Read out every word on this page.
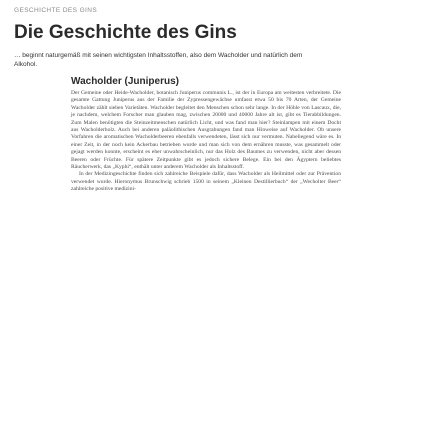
GESCHICHTE DES GINS
Die Geschichte des Gins

… beginnt naturgemäß mit seinen wichtigsten Inhaltsstoffen, also dem Wacholder und natürlich dem Alkohol.

Wacholder (Juniperus)

Der Gemeine oder Heide-Wacholder, botanisch Juniperus communis L., ist der in Europa am weitesten verbreitete. Die gesamte Gattung Juniperus aus der Familie der Zypressengewächse umfasst etwa 50 bis 70 Arten, der Gemeine Wacholder zählt sieben Varietäten. Wacholder begleitet den Menschen schon sehr lange. In der Höhle von Lascaux, die, je nachdem, welchem Forscher man glauben mag, zwischen 20000 und 40000 Jahre alt ist, gibt es Tierabbildungen. Zum Malen benötigten die Steinzeitmenschen natürlich Licht, und was fand man hier? Steinlampen mit einem Docht aus Wacholderholz. Auch bei anderen paläolithischen Ausgrabungen fand man Hinweise auf Wacholder. Ob unsere Vorfahren die aromatischen Wacholderbeeren ebenfalls verwendeten, lässt sich nur vermuten. Naheliegend wäre es. In einer Zeit, in der noch kein Ackerbau betrieben wurde und man sich von dem ernähren musste, was gesammelt oder gejagt werden konnte, erscheint es eher unwahrscheinlich, nur das Holz des Baumes zu verwenden, nicht aber dessen Beeren oder Früchte. Für spätere Zeitpunkte gibt es jedoch sichere Belege. Ein bei den Ägyptern beliebtes Räucherwerk, das „Kyphi“, enthält unter anderem Wacholder als Inhaltsstoff.

In der Medizingeschichte finden sich zahlreiche Beispiele dafür, dass Wacholder als Heilmittel oder zur Prävention verwendet wurde. Hieronymus Brunschwig schrieb 1500 in seinem „Kleinen Destillierbuch“ der „Wecholter Beer“ zahlreiche positive medizini-
